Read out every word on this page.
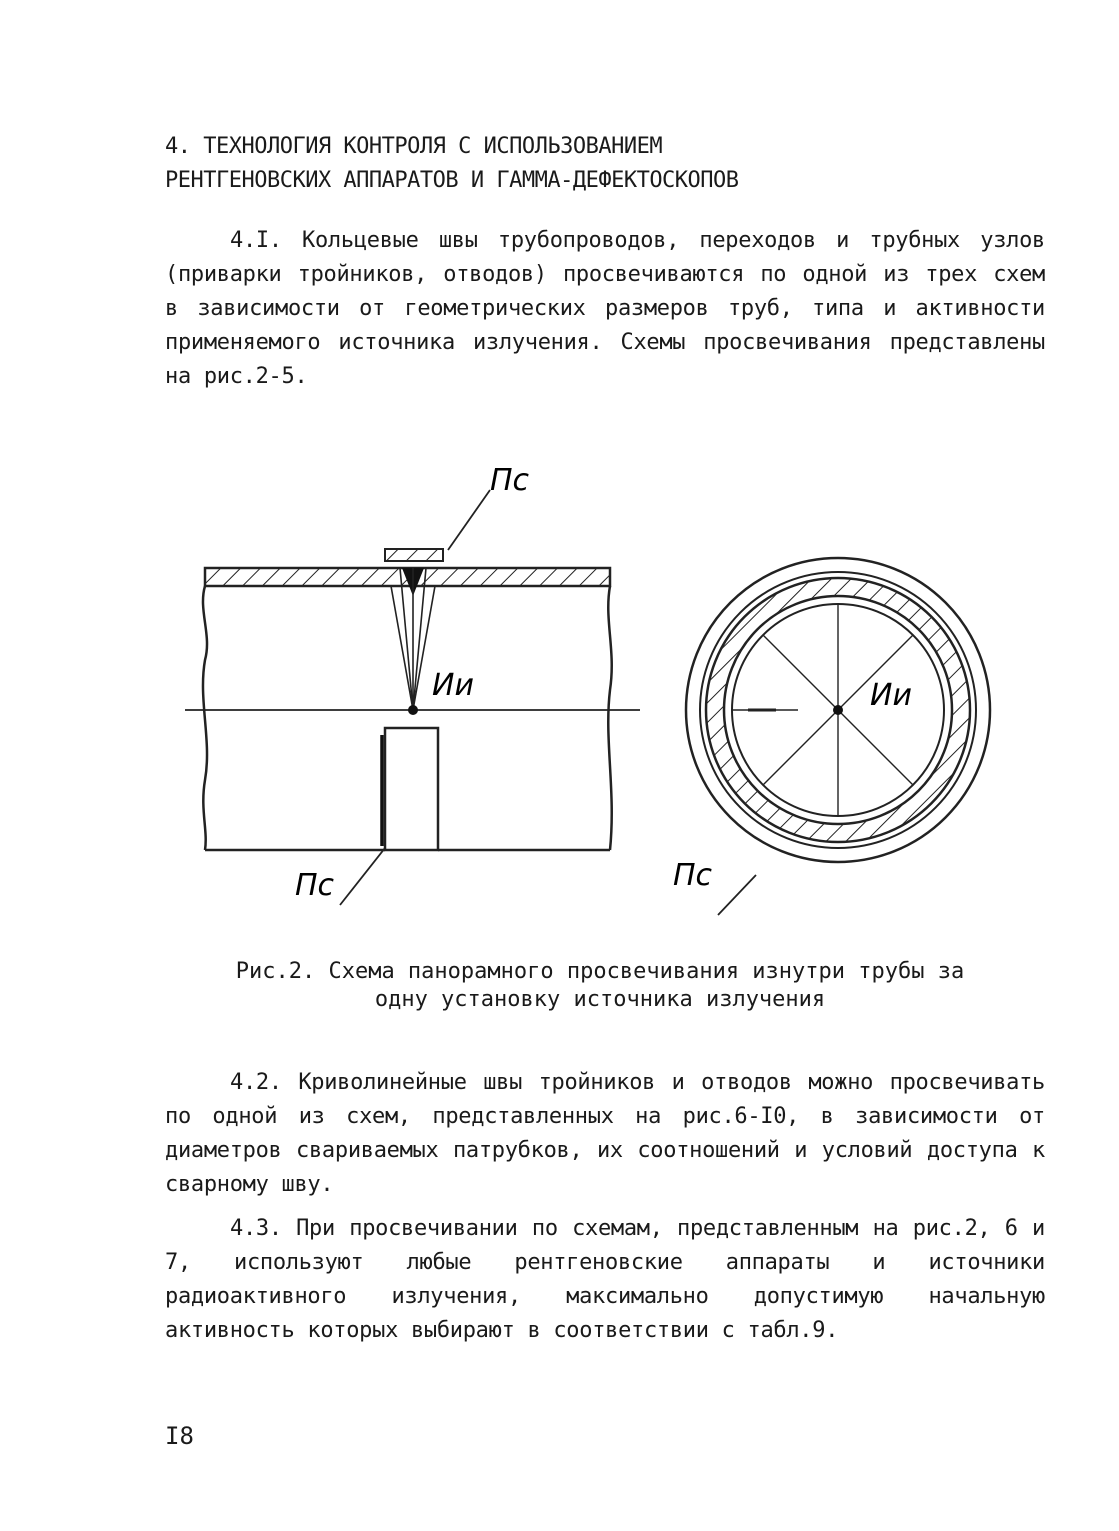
4. ТЕХНОЛОГИЯ КОНТРОЛЯ С ИСПОЛЬЗОВАНИЕМ
РЕНТГЕНОВСКИХ АППАРАТОВ И ГАММА-ДЕФЕКТОСКОПОВ
4.I. Кольцевые швы трубопроводов, переходов и трубных узлов (приварки тройников, отводов) просвечиваются по одной из трех схем в зависимости от геометрических размеров труб, типа и активности применяемого источника излучения. Схемы просвечивания представлены на рис.2-5.
Пс
Ии
Пс
Ии
Пс
Рис.2. Схема панорамного просвечивания изнутри трубы за
одну установку источника излучения
4.2. Криволинейные швы тройников и отводов можно просвечивать по одной из схем, представленных на рис.6-I0, в зависимости от диаметров свариваемых патрубков, их соотношений и условий доступа к сварному шву.
4.3. При просвечивании по схемам, представленным на рис.2, 6 и 7, используют любые рентгеновские аппараты и источники радиоактивного излучения, максимально допустимую начальную активность которых выбирают в соответствии с табл.9.
I8
